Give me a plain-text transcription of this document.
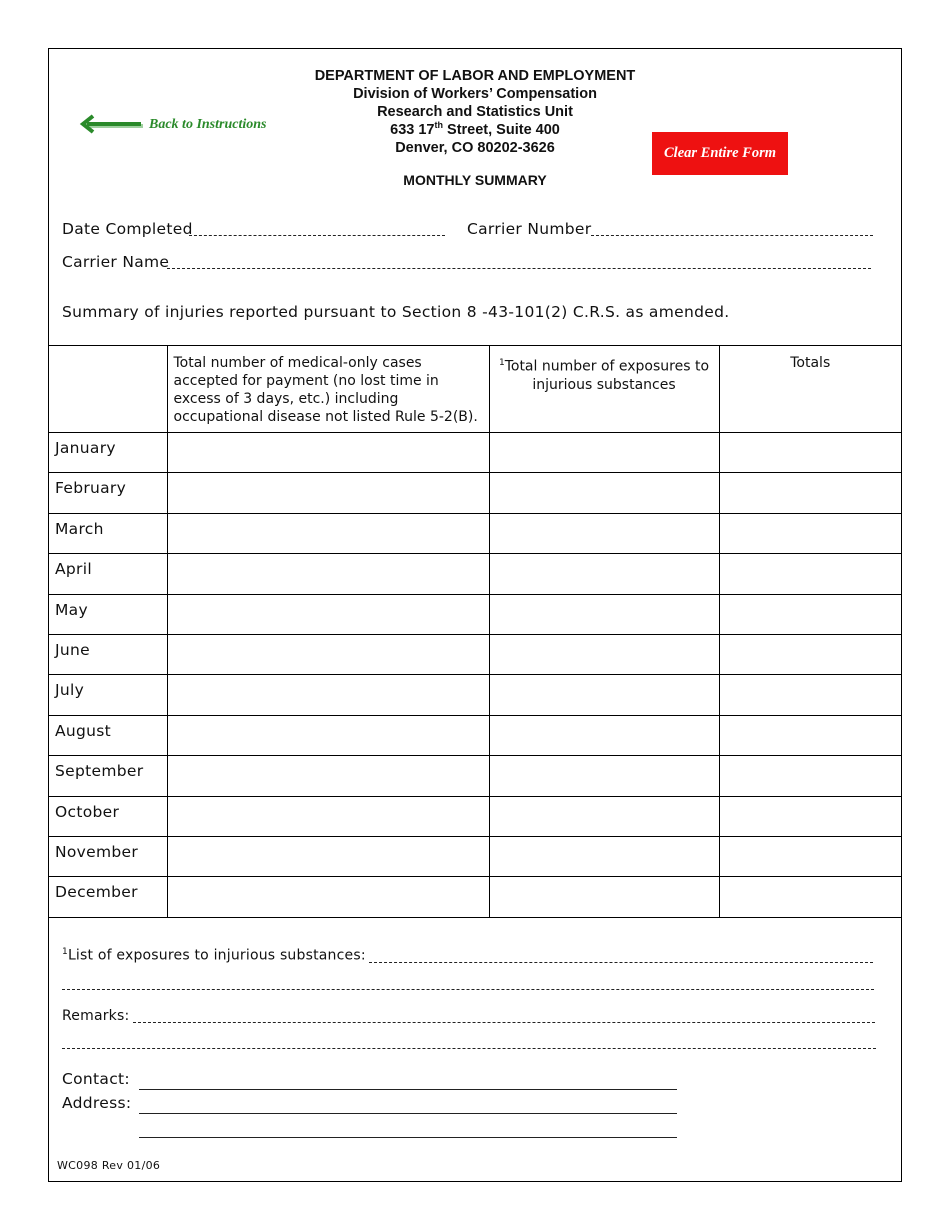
DEPARTMENT OF LABOR AND EMPLOYMENT
Division of Workers’ Compensation
Research and Statistics Unit
633 17th Street, Suite 400
Denver, CO 80202-3626
MONTHLY SUMMARY
Back to Instructions
Clear Entire Form
Date Completed	Carrier Number
Carrier Name
Summary of injuries reported pursuant to Section 8 -43-101(2) C.R.S. as amended.
	Total number of medical-only cases accepted for payment (no lost time in excess of 3 days, etc.) including occupational disease not listed Rule 5-2(B).	$^1$Total number of exposures to injurious substances	Totals
January			
February			
March			
April			
May			
June			
July			
August			
September			
October			
November			
December			
$^1$List of exposures to injurious substances:
Remarks:
Contact:
Address:
WC098 Rev 01/06
